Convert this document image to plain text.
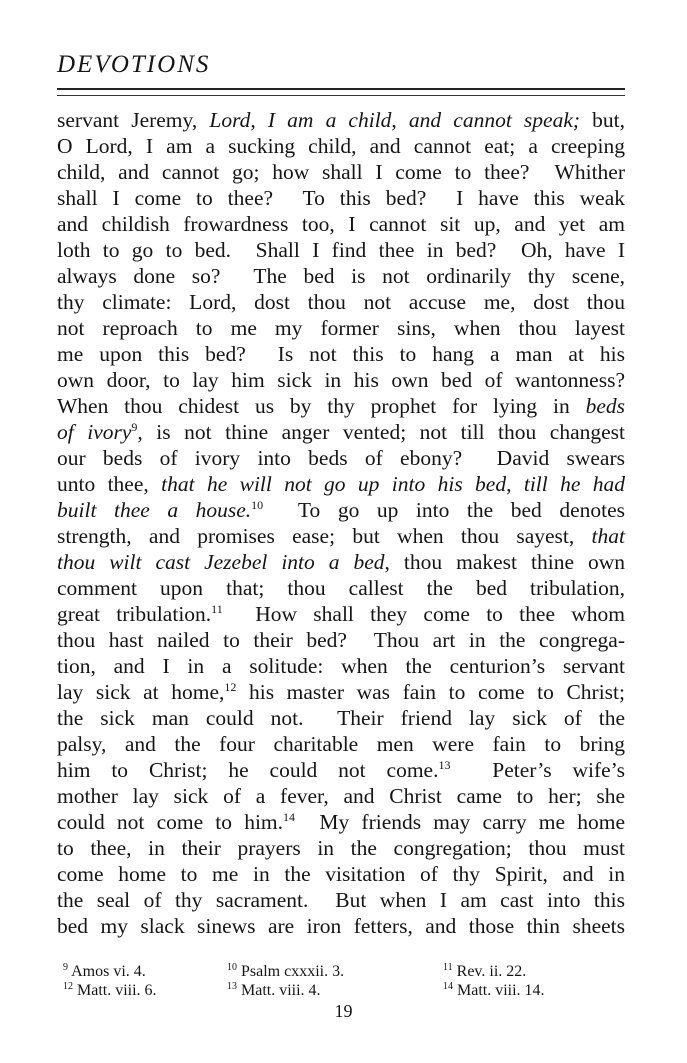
DEVOTIONS
servant Jeremy, Lord, I am a child, and cannot speak; but,
O Lord, I am a sucking child, and cannot eat; a creeping
child, and cannot go; how shall I come to thee?  Whither
shall I come to thee?  To this bed?  I have this weak
and childish frowardness too, I cannot sit up, and yet am
loth to go to bed.  Shall I find thee in bed?  Oh, have I
always done so?  The bed is not ordinarily thy scene,
thy climate: Lord, dost thou not accuse me, dost thou
not reproach to me my former sins, when thou layest
me upon this bed?  Is not this to hang a man at his
own door, to lay him sick in his own bed of wantonness?
When thou chidest us by thy prophet for lying in beds
of ivory$^9$, is not thine anger vented; not till thou changest
our beds of ivory into beds of ebony?  David swears
unto thee, that he will not go up into his bed, till he had
built thee a house.$^{10}$  To go up into the bed denotes
strength, and promises ease; but when thou sayest, that
thou wilt cast Jezebel into a bed, thou makest thine own
comment upon that; thou callest the bed tribulation,
great tribulation.$^{11}$  How shall they come to thee whom
thou hast nailed to their bed?  Thou art in the congrega-
tion, and I in a solitude: when the centurion’s servant
lay sick at home,$^{12}$ his master was fain to come to Christ;
the sick man could not.  Their friend lay sick of the
palsy, and the four charitable men were fain to bring
him to Christ; he could not come.$^{13}$  Peter’s wife’s
mother lay sick of a fever, and Christ came to her; she
could not come to him.$^{14}$  My friends may carry me home
to thee, in their prayers in the congregation; thou must
come home to me in the visitation of thy Spirit, and in
the seal of thy sacrament.  But when I am cast into this
bed my slack sinews are iron fetters, and those thin sheets
$^9$ Amos vi. 4.	$^{10}$ Psalm cxxxii. 3.	$^{11}$ Rev. ii. 22.
$^{12}$ Matt. viii. 6.	$^{13}$ Matt. viii. 4.	$^{14}$ Matt. viii. 14.
19
